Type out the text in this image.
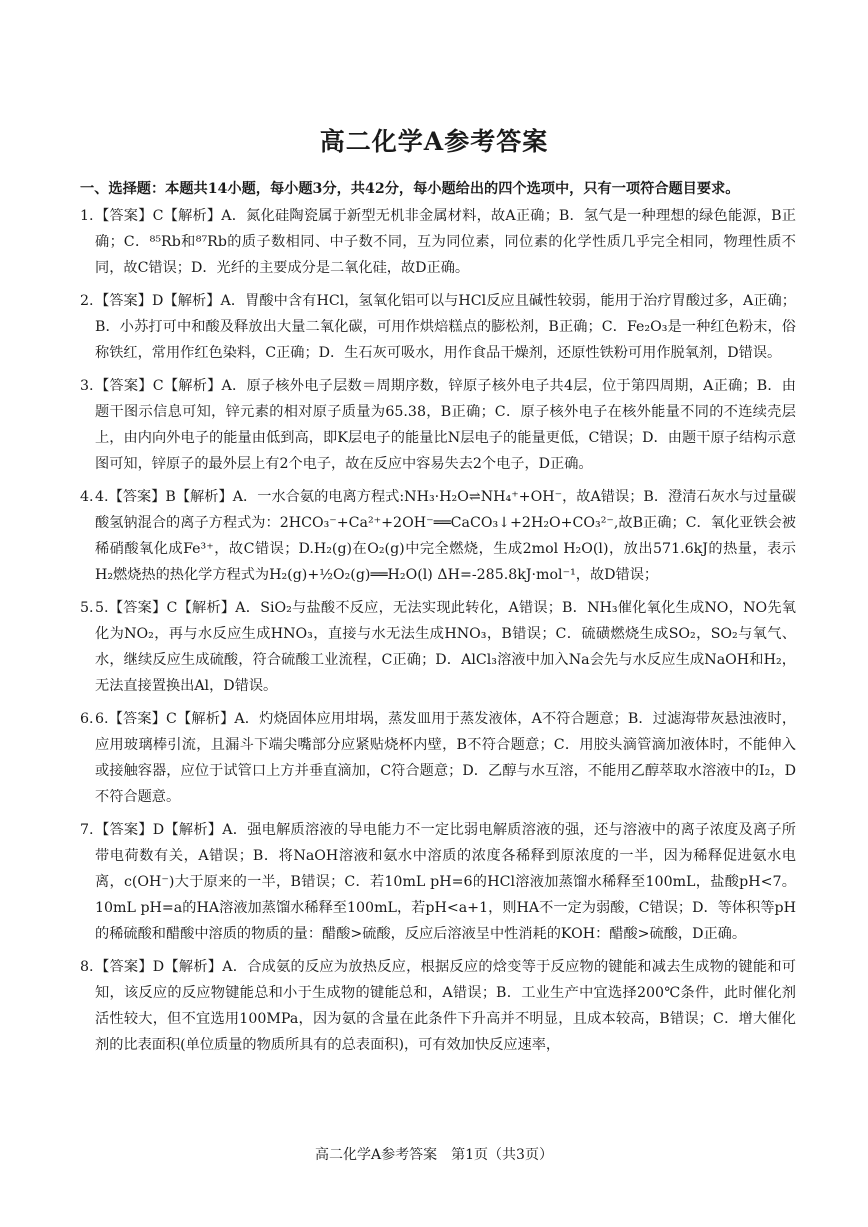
高二化学A参考答案
一、选择题：本题共14小题，每小题3分，共42分，每小题给出的四个选项中，只有一项符合题目要求。
1. 【答案】C【解析】A．氮化硅陶瓷属于新型无机非金属材料，故A正确；B．氢气是一种理想的绿色能源，B正确；C．⁸⁵Rb和⁸⁷Rb的质子数相同、中子数不同，互为同位素，同位素的化学性质几乎完全相同，物理性质不同，故C错误；D．光纤的主要成分是二氧化硅，故D正确。
2. 【答案】D【解析】A．胃酸中含有HCl，氢氧化铝可以与HCl反应且碱性较弱，能用于治疗胃酸过多，A正确；B．小苏打可中和酸及释放出大量二氧化碳，可用作烘焙糕点的膨松剂，B正确；C．Fe₂O₃是一种红色粉末，俗称铁红，常用作红色染料，C正确；D．生石灰可吸水，用作食品干燥剂，还原性铁粉可用作脱氧剂，D错误。
3. 【答案】C【解析】A．原子核外电子层数＝周期序数，锌原子核外电子共4层，位于第四周期，A正确；B．由题干图示信息可知，锌元素的相对原子质量为65.38，B正确；C．原子核外电子在核外能量不同的不连续壳层上，由内向外电子的能量由低到高，即K层电子的能量比N层电子的能量更低，C错误；D．由题干原子结构示意图可知，锌原子的最外层上有2个电子，故在反应中容易失去2个电子，D正确。
4. 4.【答案】B【解析】A．一水合氨的电离方程式:NH₃·H₂O⇌NH₄⁺+OH⁻，故A错误；B．澄清石灰水与过量碳酸氢钠混合的离子方程式为：2HCO₃⁻+Ca²⁺+2OH⁻══CaCO₃↓+2H₂O+CO₃²⁻,故B正确；C．氧化亚铁会被稀硝酸氧化成Fe³⁺，故C错误；D.H₂(g)在O₂(g)中完全燃烧，生成2mol H₂O(l)，放出571.6kJ的热量，表示H₂燃烧热的热化学方程式为H₂(g)+½O₂(g)══H₂O(l) ΔH=-285.8kJ·mol⁻¹，故D错误；
5. 5.【答案】C【解析】A．SiO₂与盐酸不反应，无法实现此转化，A错误；B．NH₃催化氧化生成NO，NO先氧化为NO₂，再与水反应生成HNO₃，直接与水无法生成HNO₃，B错误；C．硫磺燃烧生成SO₂，SO₂与氧气、水，继续反应生成硫酸，符合硫酸工业流程，C正确；D．AlCl₃溶液中加入Na会先与水反应生成NaOH和H₂，无法直接置换出Al，D错误。
6. 6.【答案】C【解析】A．灼烧固体应用坩埚，蒸发皿用于蒸发液体，A不符合题意；B．过滤海带灰悬浊液时，应用玻璃棒引流，且漏斗下端尖嘴部分应紧贴烧杯内壁，B不符合题意；C．用胶头滴管滴加液体时，不能伸入或接触容器，应位于试管口上方并垂直滴加，C符合题意；D．乙醇与水互溶，不能用乙醇萃取水溶液中的I₂，D不符合题意。
7. 【答案】D【解析】A．强电解质溶液的导电能力不一定比弱电解质溶液的强，还与溶液中的离子浓度及离子所带电荷数有关，A错误；B．将NaOH溶液和氨水中溶质的浓度各稀释到原浓度的一半，因为稀释促进氨水电离，c(OH⁻)大于原来的一半，B错误；C．若10mL pH=6的HCl溶液加蒸馏水稀释至100mL，盐酸pH<7。10mL pH=a的HA溶液加蒸馏水稀释至100mL，若pH<a+1，则HA不一定为弱酸，C错误；D．等体积等pH的稀硫酸和醋酸中溶质的物质的量：醋酸>硫酸，反应后溶液呈中性消耗的KOH：醋酸>硫酸，D正确。
8. 【答案】D【解析】A．合成氨的反应为放热反应，根据反应的焓变等于反应物的键能和减去生成物的键能和可知，该反应的反应物键能总和小于生成物的键能总和，A错误；B．工业生产中宜选择200℃条件，此时催化剂活性较大，但不宜选用100MPa，因为氨的含量在此条件下升高并不明显，且成本较高，B错误；C．增大催化剂的比表面积(单位质量的物质所具有的总表面积)，可有效加快反应速率，
高二化学A参考答案　第1页（共3页）
